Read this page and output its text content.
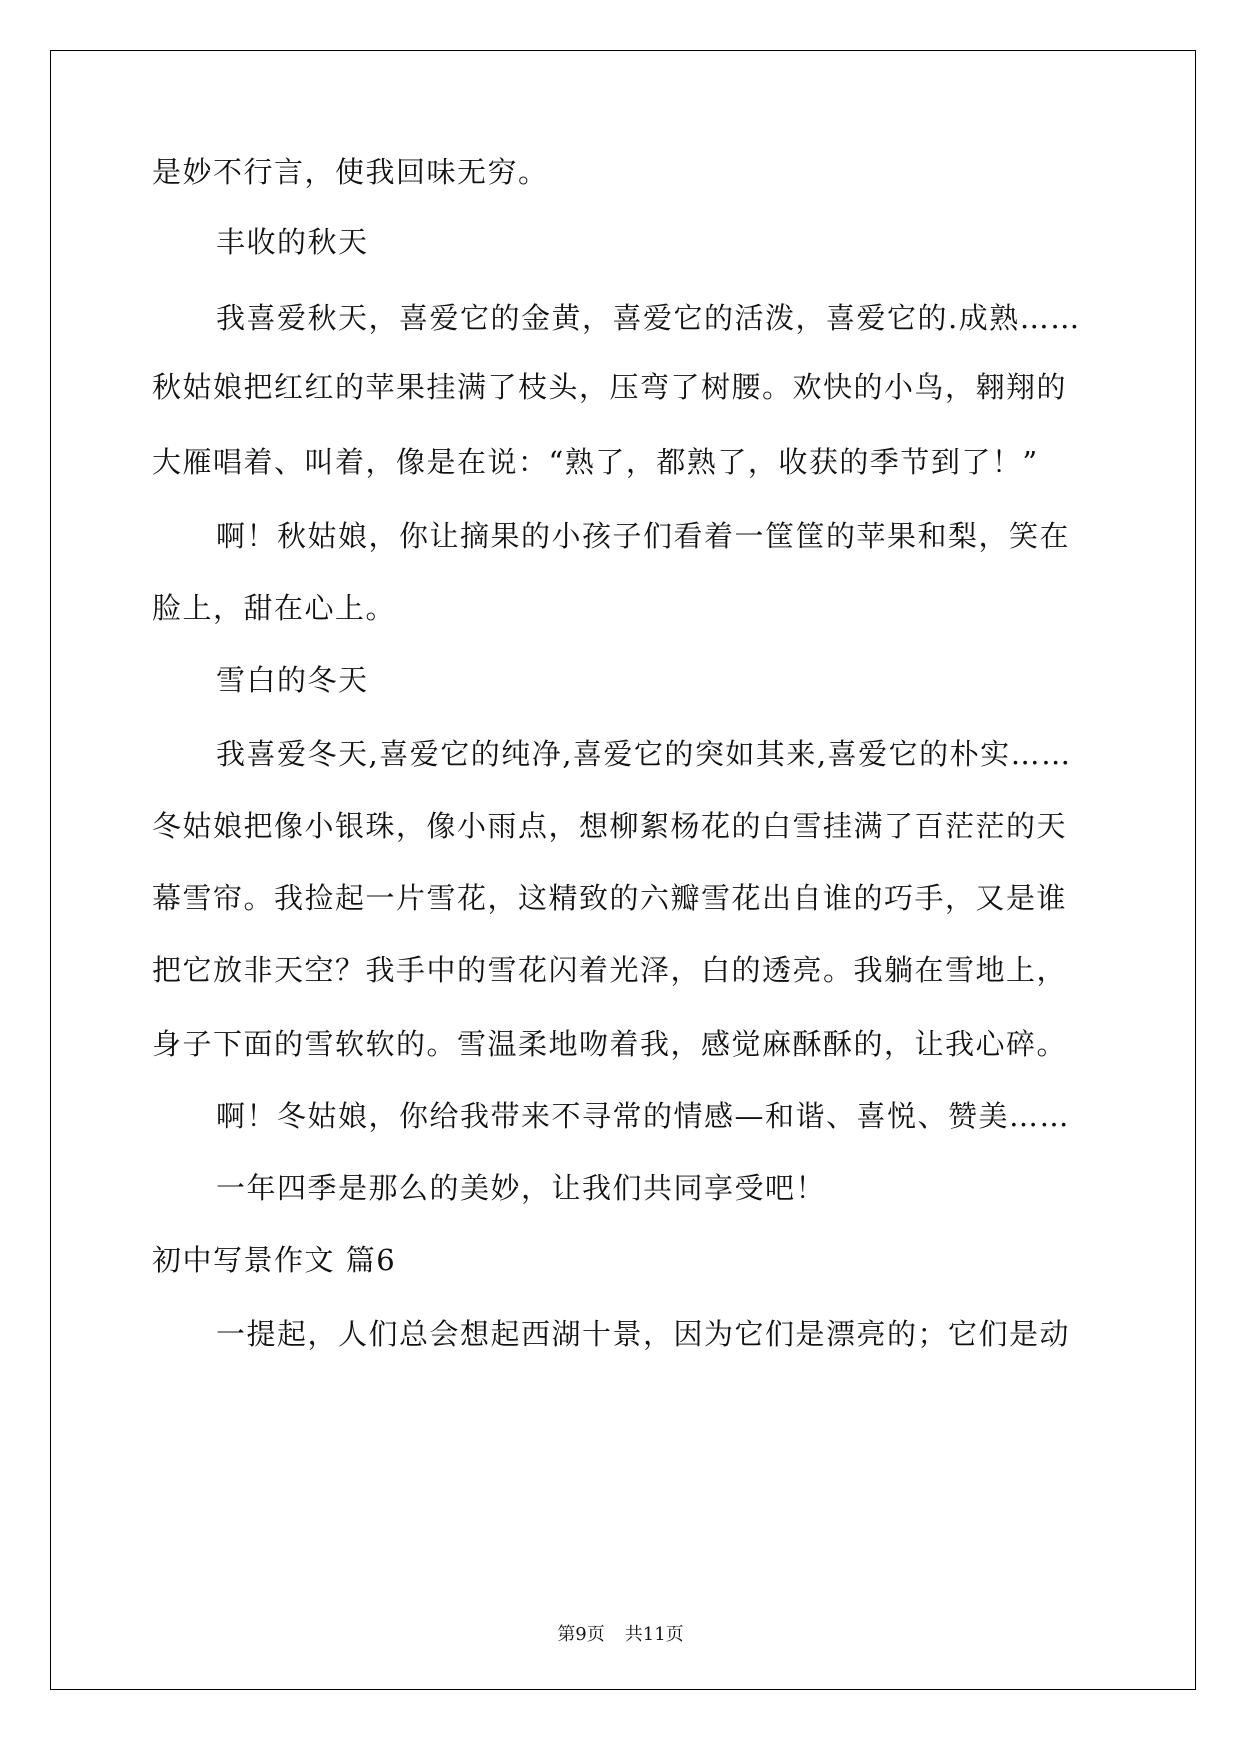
是妙不行言，使我回味无穷。
丰收的秋天
我喜爱秋天，喜爱它的金黄，喜爱它的活泼，喜爱它的.成熟……
秋姑娘把红红的苹果挂满了枝头，压弯了树腰。欢快的小鸟，翱翔的
大雁唱着、叫着，像是在说：“熟了，都熟了，收获的季节到了！”
啊！秋姑娘，你让摘果的小孩子们看着一筐筐的苹果和梨，笑在
脸上，甜在心上。
雪白的冬天
我喜爱冬天,喜爱它的纯净,喜爱它的突如其来,喜爱它的朴实……
冬姑娘把像小银珠，像小雨点，想柳絮杨花的白雪挂满了百茫茫的天
幕雪帘。我捡起一片雪花，这精致的六瓣雪花出自谁的巧手，又是谁
把它放非天空？我手中的雪花闪着光泽，白的透亮。我躺在雪地上，
身子下面的雪软软的。雪温柔地吻着我，感觉麻酥酥的，让我心碎。
啊！冬姑娘，你给我带来不寻常的情感—和谐、喜悦、赞美……
一年四季是那么的美妙，让我们共同享受吧！
初中写景作文 篇6
一提起，人们总会想起西湖十景，因为它们是漂亮的；它们是动
第9页 共11页
